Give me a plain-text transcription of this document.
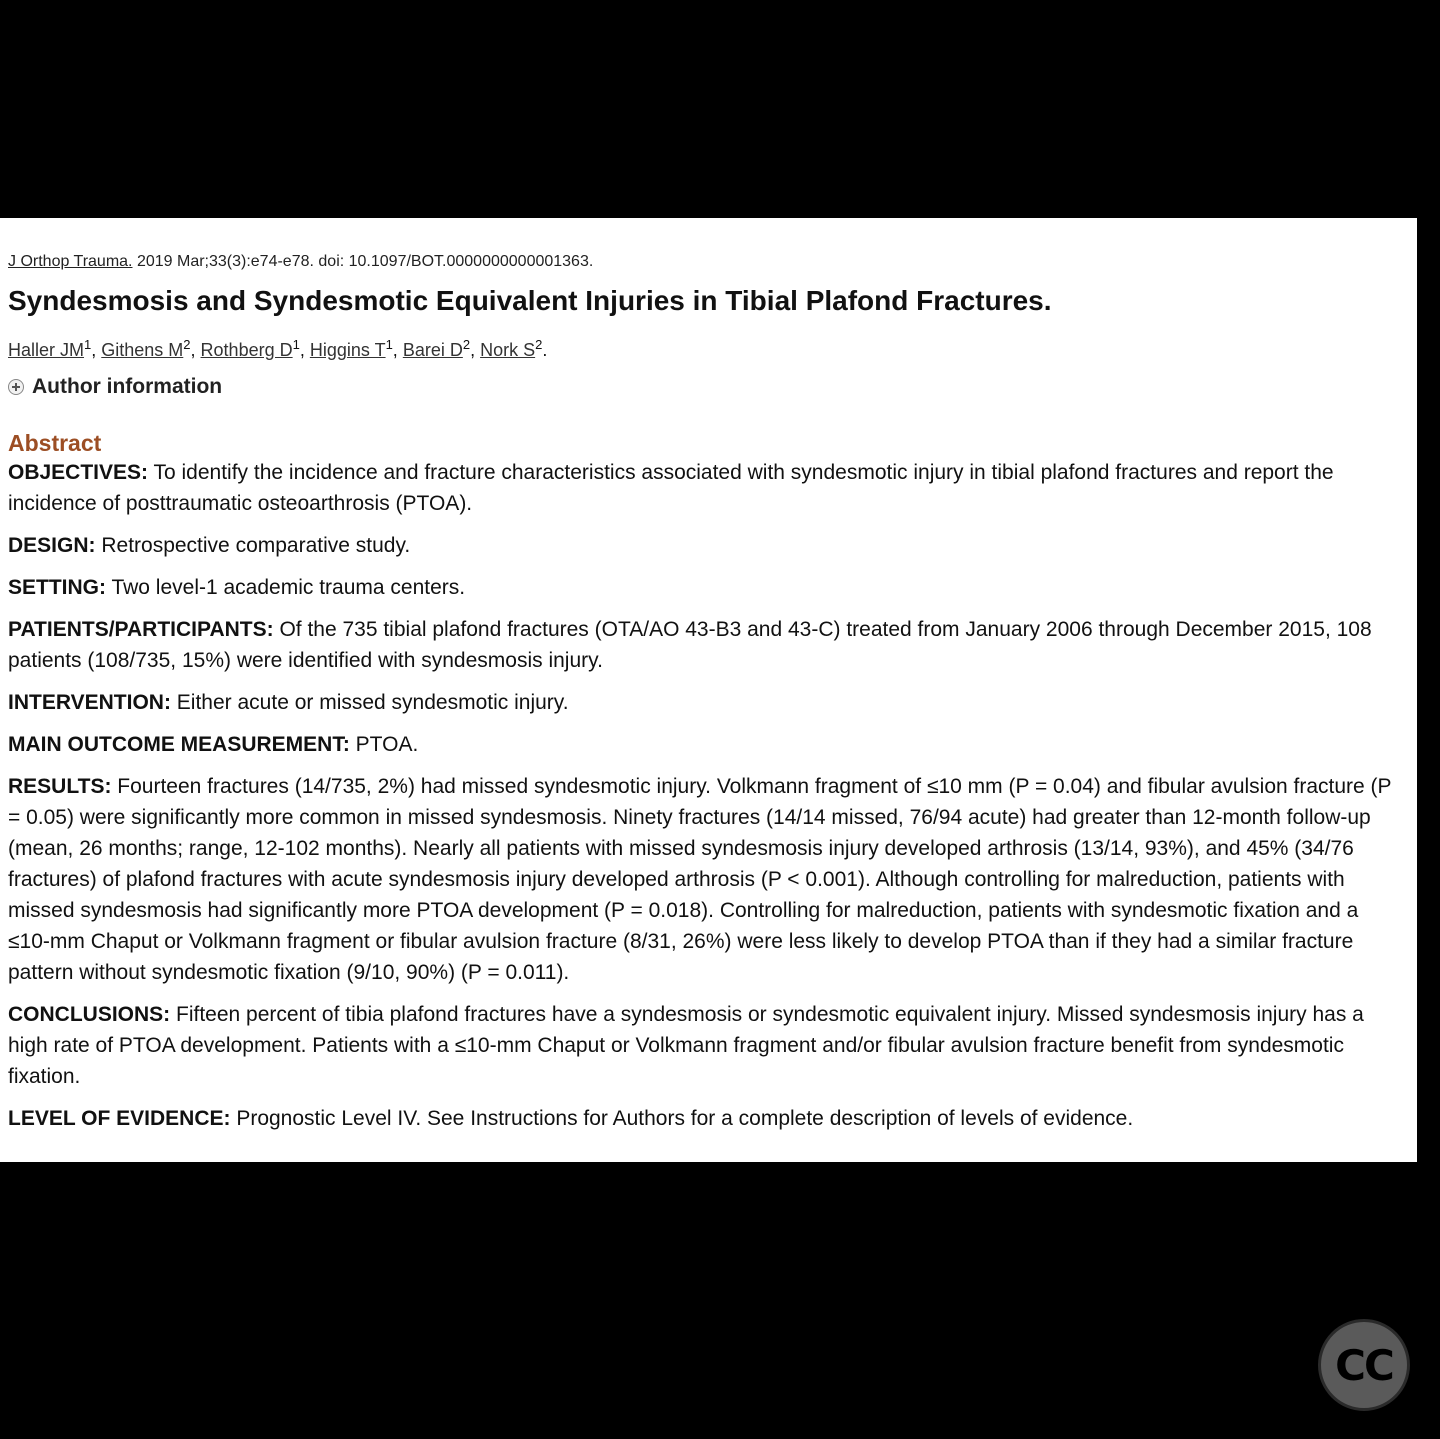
J Orthop Trauma. 2019 Mar;33(3):e74-e78. doi: 10.1097/BOT.0000000000001363.

Syndesmosis and Syndesmotic Equivalent Injuries in Tibial Plafond Fractures.
Haller $JM^1$, Githens $M^2$, Rothberg $D^1$, Higgins $T^1$, Barei $D^2$, Nork $S^2$.
Author information
Abstract

OBJECTIVES: To identify the incidence and fracture characteristics associated with syndesmotic injury in tibial plafond fractures and report the incidence of posttraumatic osteoarthrosis (PTOA).

DESIGN: Retrospective comparative study.

SETTING: Two level-1 academic trauma centers.

PATIENTS/PARTICIPANTS: Of the 735 tibial plafond fractures (OTA/AO 43-B3 and 43-C) treated from January 2006 through December 2015, 108 patients (108/735, 15%) were identified with syndesmosis injury.

INTERVENTION: Either acute or missed syndesmotic injury.

MAIN OUTCOME MEASUREMENT: PTOA.

RESULTS: Fourteen fractures (14/735, 2%) had missed syndesmotic injury. Volkmann fragment of ≤10 mm (P = 0.04) and fibular avulsion fracture (P = 0.05) were significantly more common in missed syndesmosis. Ninety fractures (14/14 missed, 76/94 acute) had greater than 12-month follow-up (mean, 26 months; range, 12-102 months). Nearly all patients with missed syndesmosis injury developed arthrosis (13/14, 93%), and 45% (34/76 fractures) of plafond fractures with acute syndesmosis injury developed arthrosis (P < 0.001). Although controlling for malreduction, patients with missed syndesmosis had significantly more PTOA development (P = 0.018). Controlling for malreduction, patients with syndesmotic fixation and a ≤10-mm Chaput or Volkmann fragment or fibular avulsion fracture (8/31, 26%) were less likely to develop PTOA than if they had a similar fracture pattern without syndesmotic fixation (9/10, 90%) (P = 0.011).

CONCLUSIONS: Fifteen percent of tibia plafond fractures have a syndesmosis or syndesmotic equivalent injury. Missed syndesmosis injury has a high rate of PTOA development. Patients with a ≤10-mm Chaput or Volkmann fragment and/or fibular avulsion fracture benefit from syndesmotic fixation.

LEVEL OF EVIDENCE: Prognostic Level IV. See Instructions for Authors for a complete description of levels of evidence.

CC
